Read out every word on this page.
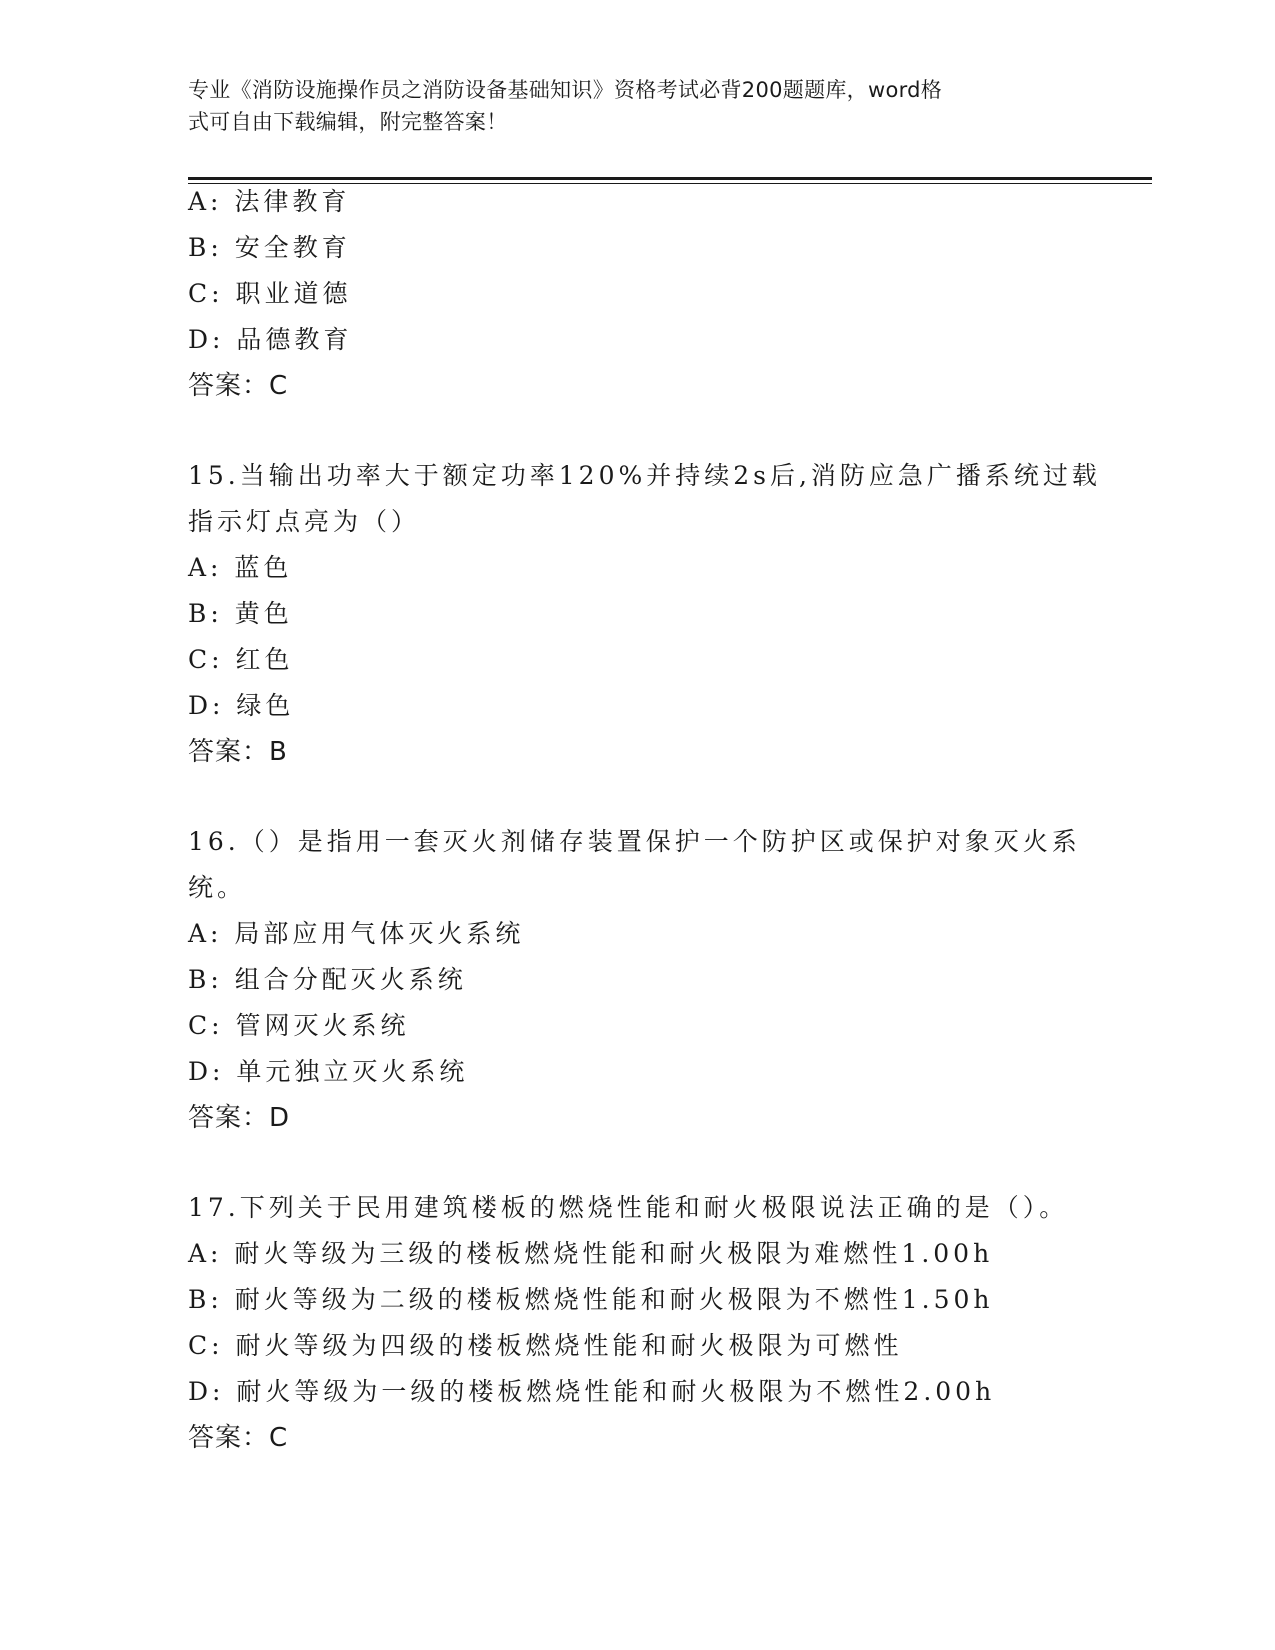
专业《消防设施操作员之消防设备基础知识》资格考试必背200题题库，word格
式可自由下载编辑，附完整答案！
A: 法律教育
B: 安全教育
C: 职业道德
D: 品德教育
答案：C
15.当输出功率大于额定功率120%并持续2s后,消防应急广播系统过载
指示灯点亮为（）
A: 蓝色
B: 黄色
C: 红色
D: 绿色
答案：B
16.（）是指用一套灭火剂储存装置保护一个防护区或保护对象灭火系
统。
A: 局部应用气体灭火系统
B: 组合分配灭火系统
C: 管网灭火系统
D: 单元独立灭火系统
答案：D
17.下列关于民用建筑楼板的燃烧性能和耐火极限说法正确的是（）。
A: 耐火等级为三级的楼板燃烧性能和耐火极限为难燃性1.00h
B: 耐火等级为二级的楼板燃烧性能和耐火极限为不燃性1.50h
C: 耐火等级为四级的楼板燃烧性能和耐火极限为可燃性
D: 耐火等级为一级的楼板燃烧性能和耐火极限为不燃性2.00h
答案：C
